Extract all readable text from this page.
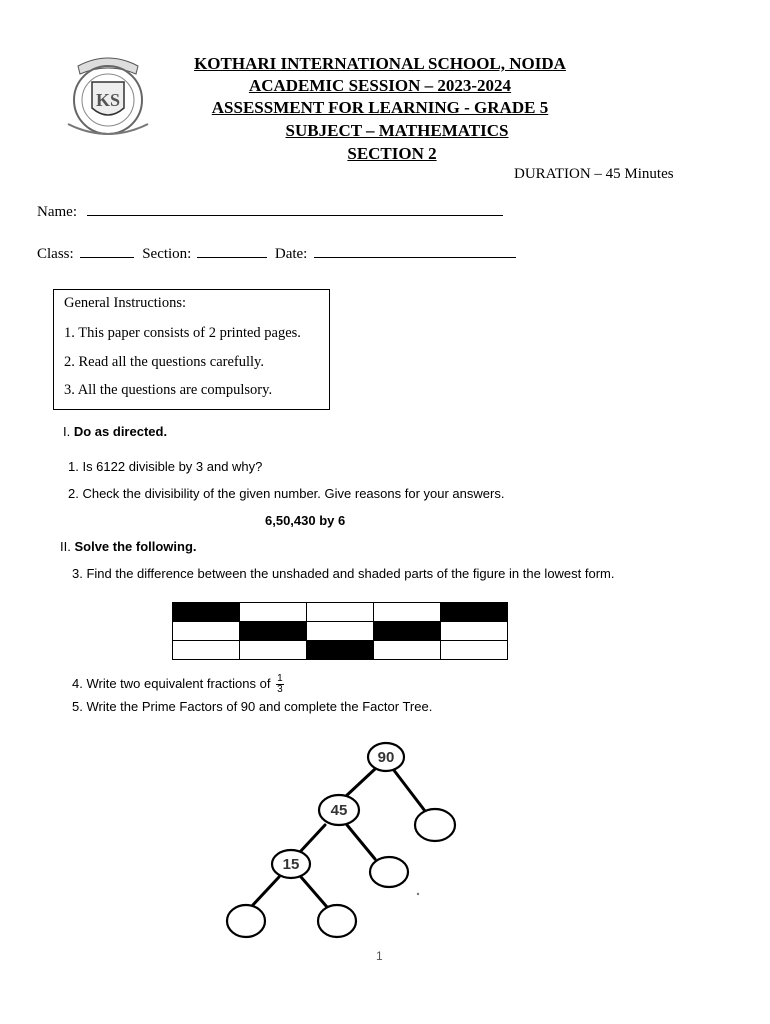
KS
KOTHARI INTERNATIONAL SCHOOL, NOIDA
ACADEMIC SESSION – 2023-2024
ASSESSMENT FOR LEARNING - GRADE 5
SUBJECT – MATHEMATICS
SECTION 2
DURATION – 45 Minutes
Name:
Class:	Section:	Date:
General Instructions:
1. This paper consists of 2 printed pages.
2. Read all the questions carefully.
3. All the questions are compulsory.
I. Do as directed.
1. Is 6122 divisible by 3 and why?
2. Check the divisibility of the given number. Give reasons for your answers.
6,50,430 by 6
II. Solve the following.
3. Find the difference between the unshaded and shaded parts of the figure in the lowest form.

4. Write two equivalent fractions of $\frac{1}{3}$
5. Write the Prime Factors of 90 and complete the Factor Tree.
90
45
15
1
